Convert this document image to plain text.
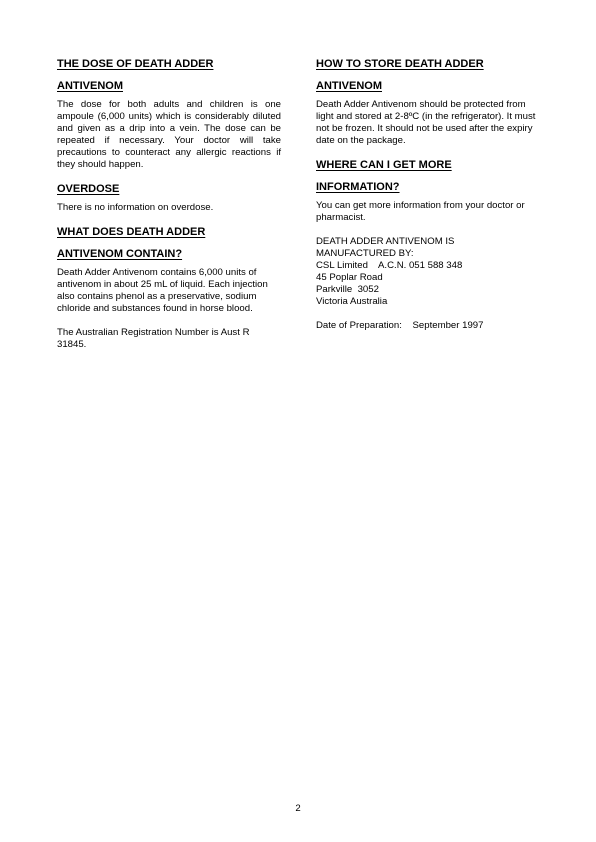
THE DOSE OF DEATH ADDER

ANTIVENOM

The dose for both adults and children is one ampoule (6,000 units) which is considerably diluted and given as a drip into a vein. The dose can be repeated if necessary. Your doctor will take precautions to counteract any allergic reactions if they should happen.

OVERDOSE

There is no information on overdose.

WHAT DOES DEATH ADDER

ANTIVENOM CONTAIN?

Death Adder Antivenom contains 6,000 units of antivenom in about 25 mL of liquid. Each injection also contains phenol as a preservative, sodium chloride and substances found in horse blood.

The Australian Registration Number is Aust R 31845.

HOW TO STORE DEATH ADDER

ANTIVENOM

Death Adder Antivenom should be protected from light and stored at 2-8ºC (in the refrigerator). It must not be frozen. It should not be used after the expiry date on the package.

WHERE CAN I GET MORE

INFORMATION?

You can get more information from your doctor or pharmacist.

DEATH ADDER ANTIVENOM IS
MANUFACTURED BY:
CSL Limited    A.C.N. 051 588 348
45 Poplar Road
Parkville  3052
Victoria Australia

Date of Preparation:    September 1997

2
